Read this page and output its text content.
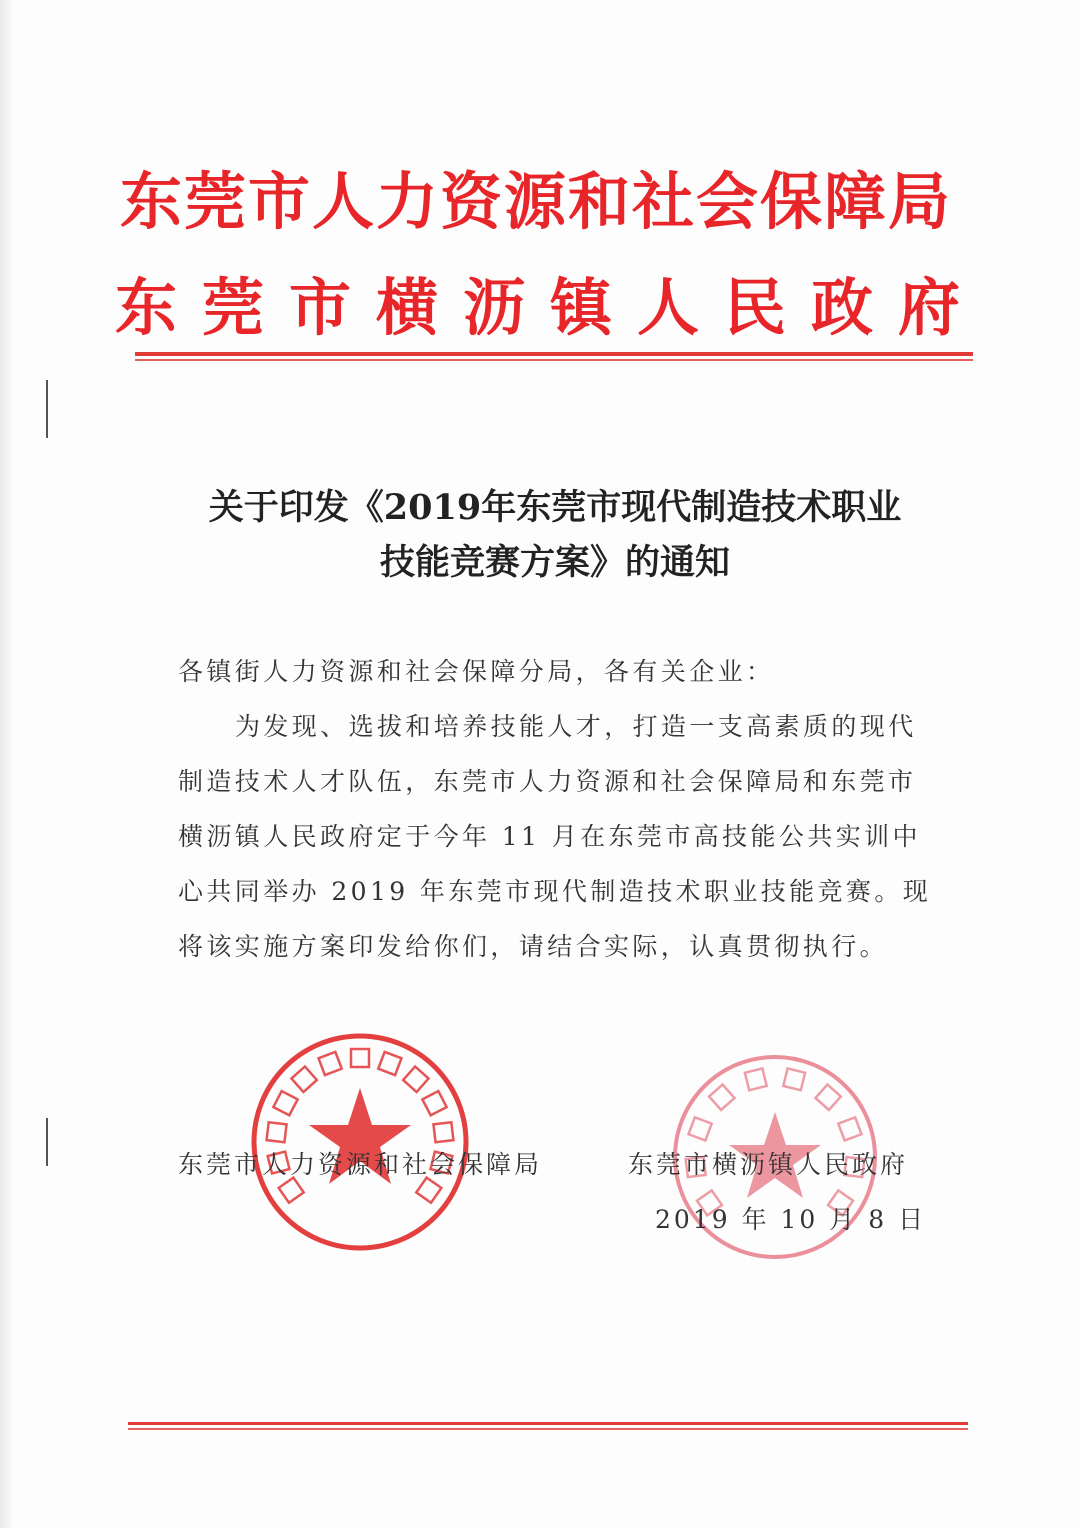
东莞市人力资源和社会保障局
东莞市横沥镇人民政府
关于印发《2019年东莞市现代制造技术职业
技能竞赛方案》的通知
各镇街人力资源和社会保障分局，各有关企业：
为发现、选拔和培养技能人才，打造一支高素质的现代
制造技术人才队伍，东莞市人力资源和社会保障局和东莞市
横沥镇人民政府定于今年 11 月在东莞市高技能公共实训中
心共同举办 2019 年东莞市现代制造技术职业技能竞赛。现
将该实施方案印发给你们，请结合实际，认真贯彻执行。
东莞市人力资源和社会保障局	东莞市横沥镇人民政府
2019 年 10 月 8 日
